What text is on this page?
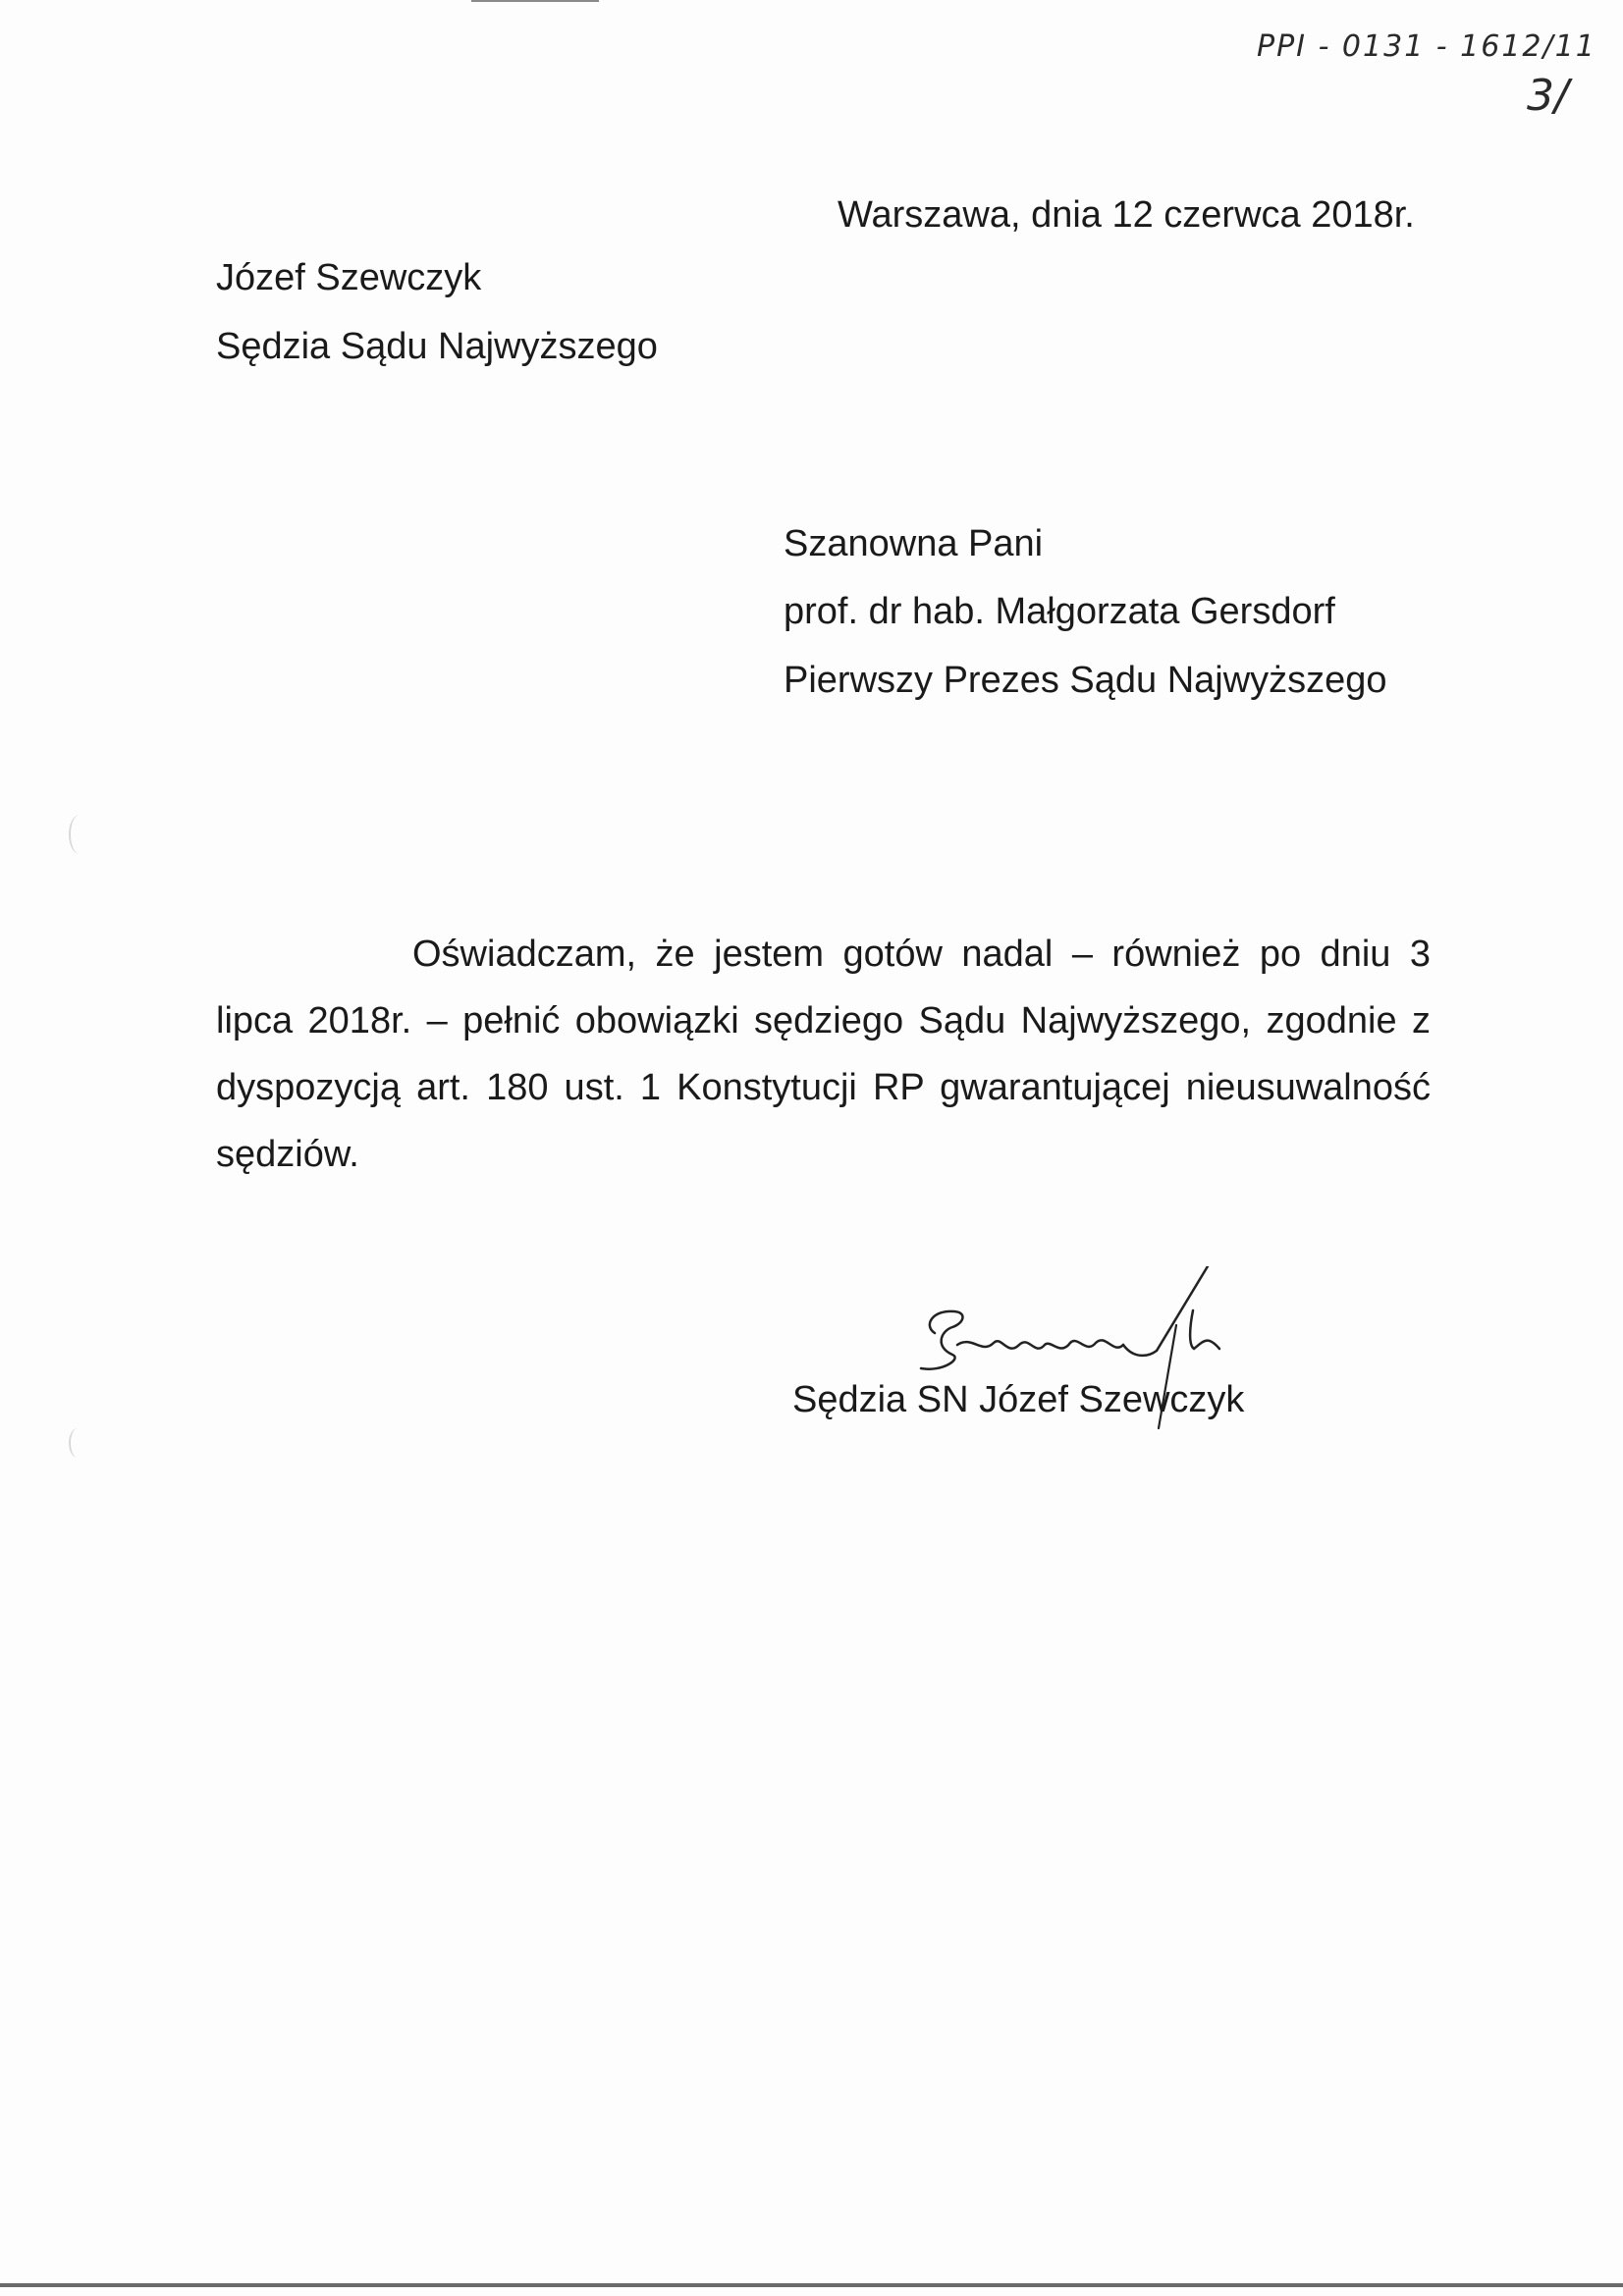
PPI - 0131 - 1612/11
3/
Warszawa, dnia 12 czerwca 2018r.
Józef Szewczyk
Sędzia Sądu Najwyższego
Szanowna Pani
prof. dr hab. Małgorzata Gersdorf
Pierwszy Prezes Sądu Najwyższego

Oświadczam, że jestem gotów nadal – również po dniu 3 lipca 2018r. – pełnić obowiązki sędziego Sądu Najwyższego, zgodnie z dyspozycją art. 180 ust. 1 Konstytucji RP gwarantującej nieusuwalność sędziów.

Sędzia SN Józef Szewczyk
